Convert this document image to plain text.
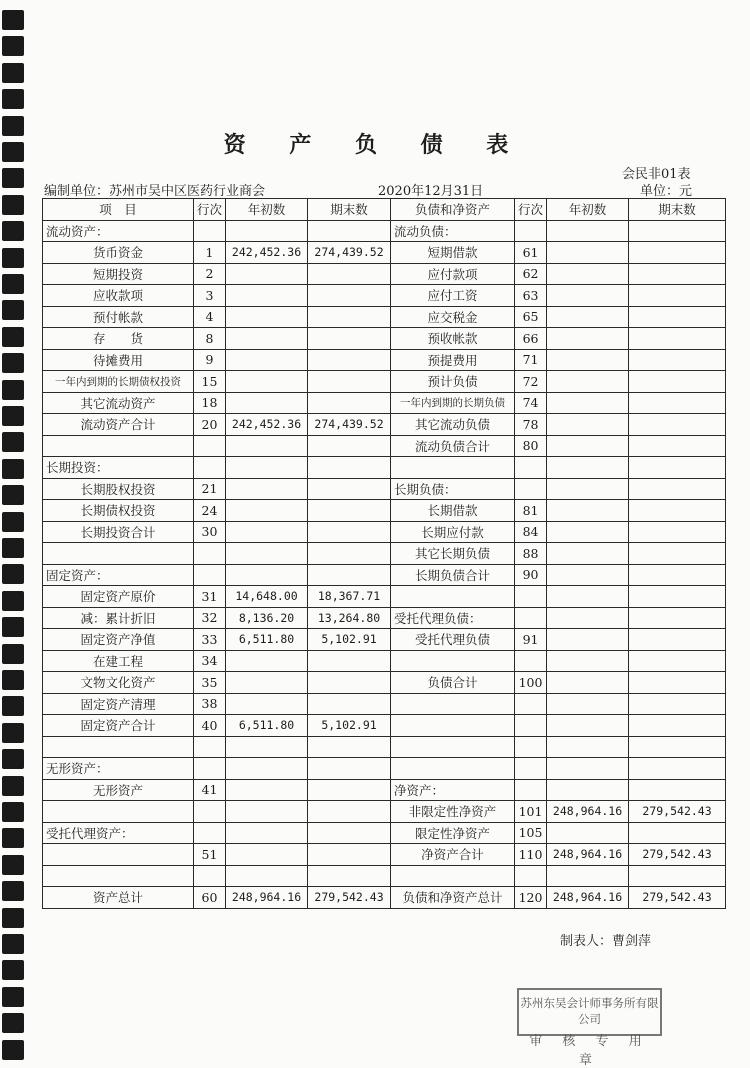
资 产 负 债 表
会民非01表
编制单位：苏州市吴中区医药行业商会	2020年12月31日	单位：元
项　目	行次	年初数	期末数	负债和净资产	行次	年初数	期末数
流动资产：				流动负债：			
货币资金	1	242,452.36	274,439.52	短期借款	61		
短期投资	2			应付款项	62		
应收款项	3			应付工资	63		
预付帐款	4			应交税金	65		
存　　货	8			预收帐款	66		
待摊费用	9			预提费用	71		
一年内到期的长期债权投资	15			预计负债	72		
其它流动资产	18			一年内到期的长期负债	74		
流动资产合计	20	242,452.36	274,439.52	其它流动负债	78		
				流动负债合计	80		
长期投资：							
长期股权投资	21			长期负债：			
长期债权投资	24			长期借款	81		
长期投资合计	30			长期应付款	84		
				其它长期负债	88		
固定资产：				长期负债合计	90		
固定资产原价	31	14,648.00	18,367.71				
减：累计折旧	32	8,136.20	13,264.80	受托代理负债：			
固定资产净值	33	6,511.80	5,102.91	受托代理负债	91		
在建工程	34						
文物文化资产	35			负债合计	100		
固定资产清理	38						
固定资产合计	40	6,511.80	5,102.91				

无形资产：							
无形资产	41			净资产：			
				非限定性净资产	101	248,964.16	279,542.43
受托代理资产：				限定性净资产	105		
	51			净资产合计	110	248,964.16	279,542.43

资产总计	60	248,964.16	279,542.43	负债和净资产总计	120	248,964.16	279,542.43
制表人：曹剑萍
苏州东吴会计师事务所有限公司
审 核 专 用 章
